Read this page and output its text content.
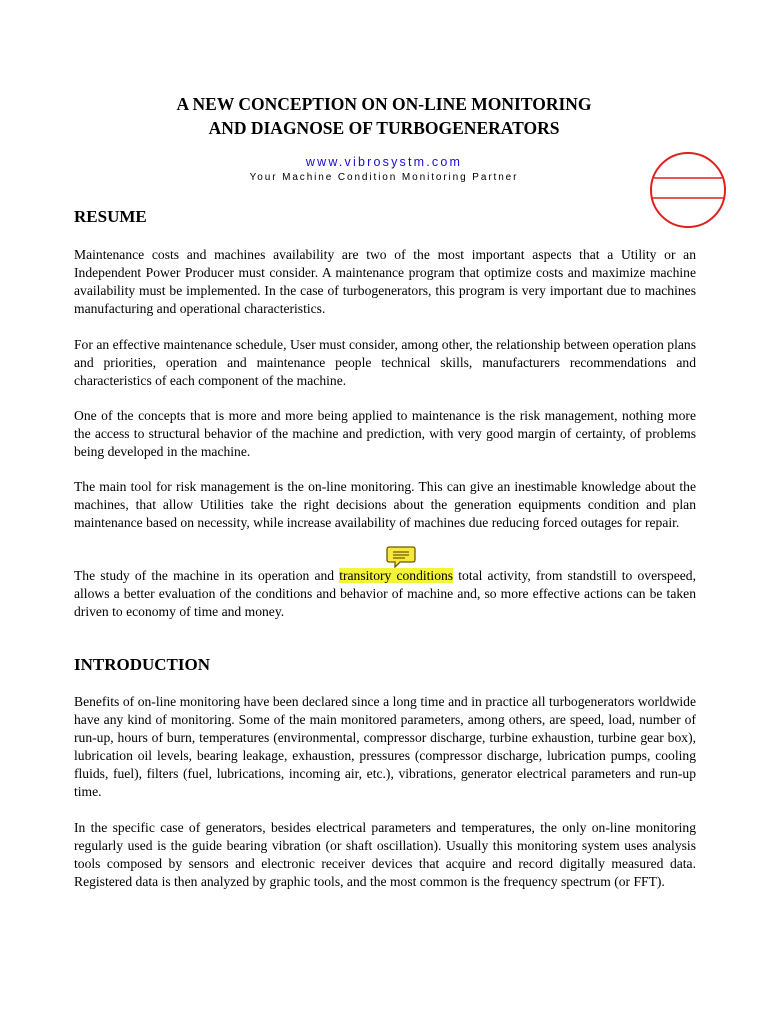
A NEW CONCEPTION ON ON-LINE MONITORING
AND DIAGNOSE OF TURBOGENERATORS
www.vibrosystm.com
Your Machine Condition Monitoring Partner
RESUME
Maintenance costs and machines availability are two of the most important aspects that a Utility or an Independent Power Producer must consider. A maintenance program that optimize costs and maximize machine availability must be implemented. In the case of turbogenerators, this program is very important due to machines manufacturing and operational characteristics.
For an effective maintenance schedule, User must consider, among other, the relationship between operation plans and priorities, operation and maintenance people technical skills, manufacturers recommendations and characteristics of each component of the machine.
One of the concepts that is more and more being applied to maintenance is the risk management, nothing more the access to structural behavior of the machine and prediction, with very good margin of certainty, of problems being developed in the machine.
The main tool for risk management is the on-line monitoring. This can give an inestimable knowledge about the machines, that allow Utilities take the right decisions about the generation equipments condition and plan maintenance based on necessity, while increase availability of machines due reducing forced outages for repair.
The study of the machine in its operation and transitory conditions total activity, from standstill to overspeed, allows a better evaluation of the conditions and behavior of machine and, so more effective actions can be taken driven to economy of time and money.
INTRODUCTION
Benefits of on-line monitoring have been declared since a long time and in practice all turbogenerators worldwide have any kind of monitoring. Some of the main monitored parameters, among others, are speed, load, number of run-up, hours of burn, temperatures (environmental, compressor discharge, turbine exhaustion, turbine gear box), lubrication oil levels, bearing leakage, exhaustion, pressures (compressor discharge, lubrication pumps, cooling fluids, fuel), filters (fuel, lubrications, incoming air, etc.), vibrations, generator electrical parameters and run-up time.
In the specific case of generators, besides electrical parameters and temperatures, the only on-line monitoring regularly used is the guide bearing vibration (or shaft oscillation). Usually this monitoring system uses analysis tools composed by sensors and electronic receiver devices that acquire and record digitally measured data. Registered data is then analyzed by graphic tools, and the most common is the frequency spectrum (or FFT).
